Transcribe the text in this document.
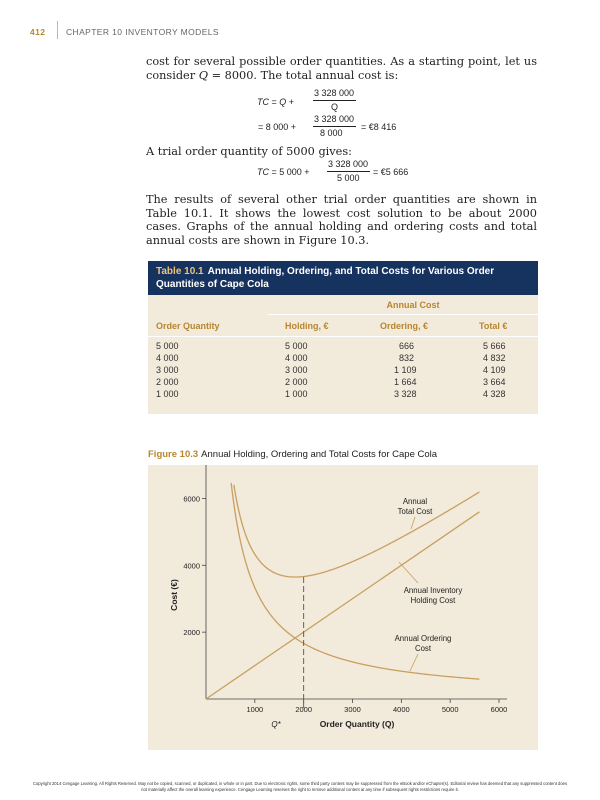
412 CHAPTER 10 INVENTORY MODELS
cost for several possible order quantities. As a starting point, let us consider Q = 8000. The total annual cost is:
TC = Q +
3 328 000
Q
= 8 000 +
3 328 000
8 000
= €8 416
A trial order quantity of 5000 gives:
TC = 5 000 +
3 328 000
5 000
= €5 666
The results of several other trial order quantities are shown in Table 10.1. It shows the lowest cost solution to be about 2000 cases. Graphs of the annual holding and ordering costs and total annual costs are shown in Figure 10.3.
Table 10.1 Annual Holding, Ordering, and Total Costs for Various Order Quantities of Cape Cola
Annual Cost
Order Quantity	Holding, €	Ordering, €	Total €
5 000	5 000	666	5 666
4 000	4 000	832	4 832
3 000	3 000	1 109	4 109
2 000	2 000	1 664	3 664
1 000	1 000	3 328	4 328
Figure 10.3 Annual Holding, Ordering and Total Costs for Cape Cola
Cost (€)
Order Quantity (Q)
Q*
2000
4000
6000
1000	2000	3000	4000	5000	6000
Annual
Total Cost
Annual Inventory
Holding Cost
Annual Ordering
Cost
Copyright 2014 Cengage Learning. All Rights Reserved. May not be copied, scanned, or duplicated, in whole or in part. Due to electronic rights, some third party content may be suppressed from the eBook and/or eChapter(s). Editorial review has deemed that any suppressed content does not materially affect the overall learning experience. Cengage Learning reserves the right to remove additional content at any time if subsequent rights restrictions require it.
